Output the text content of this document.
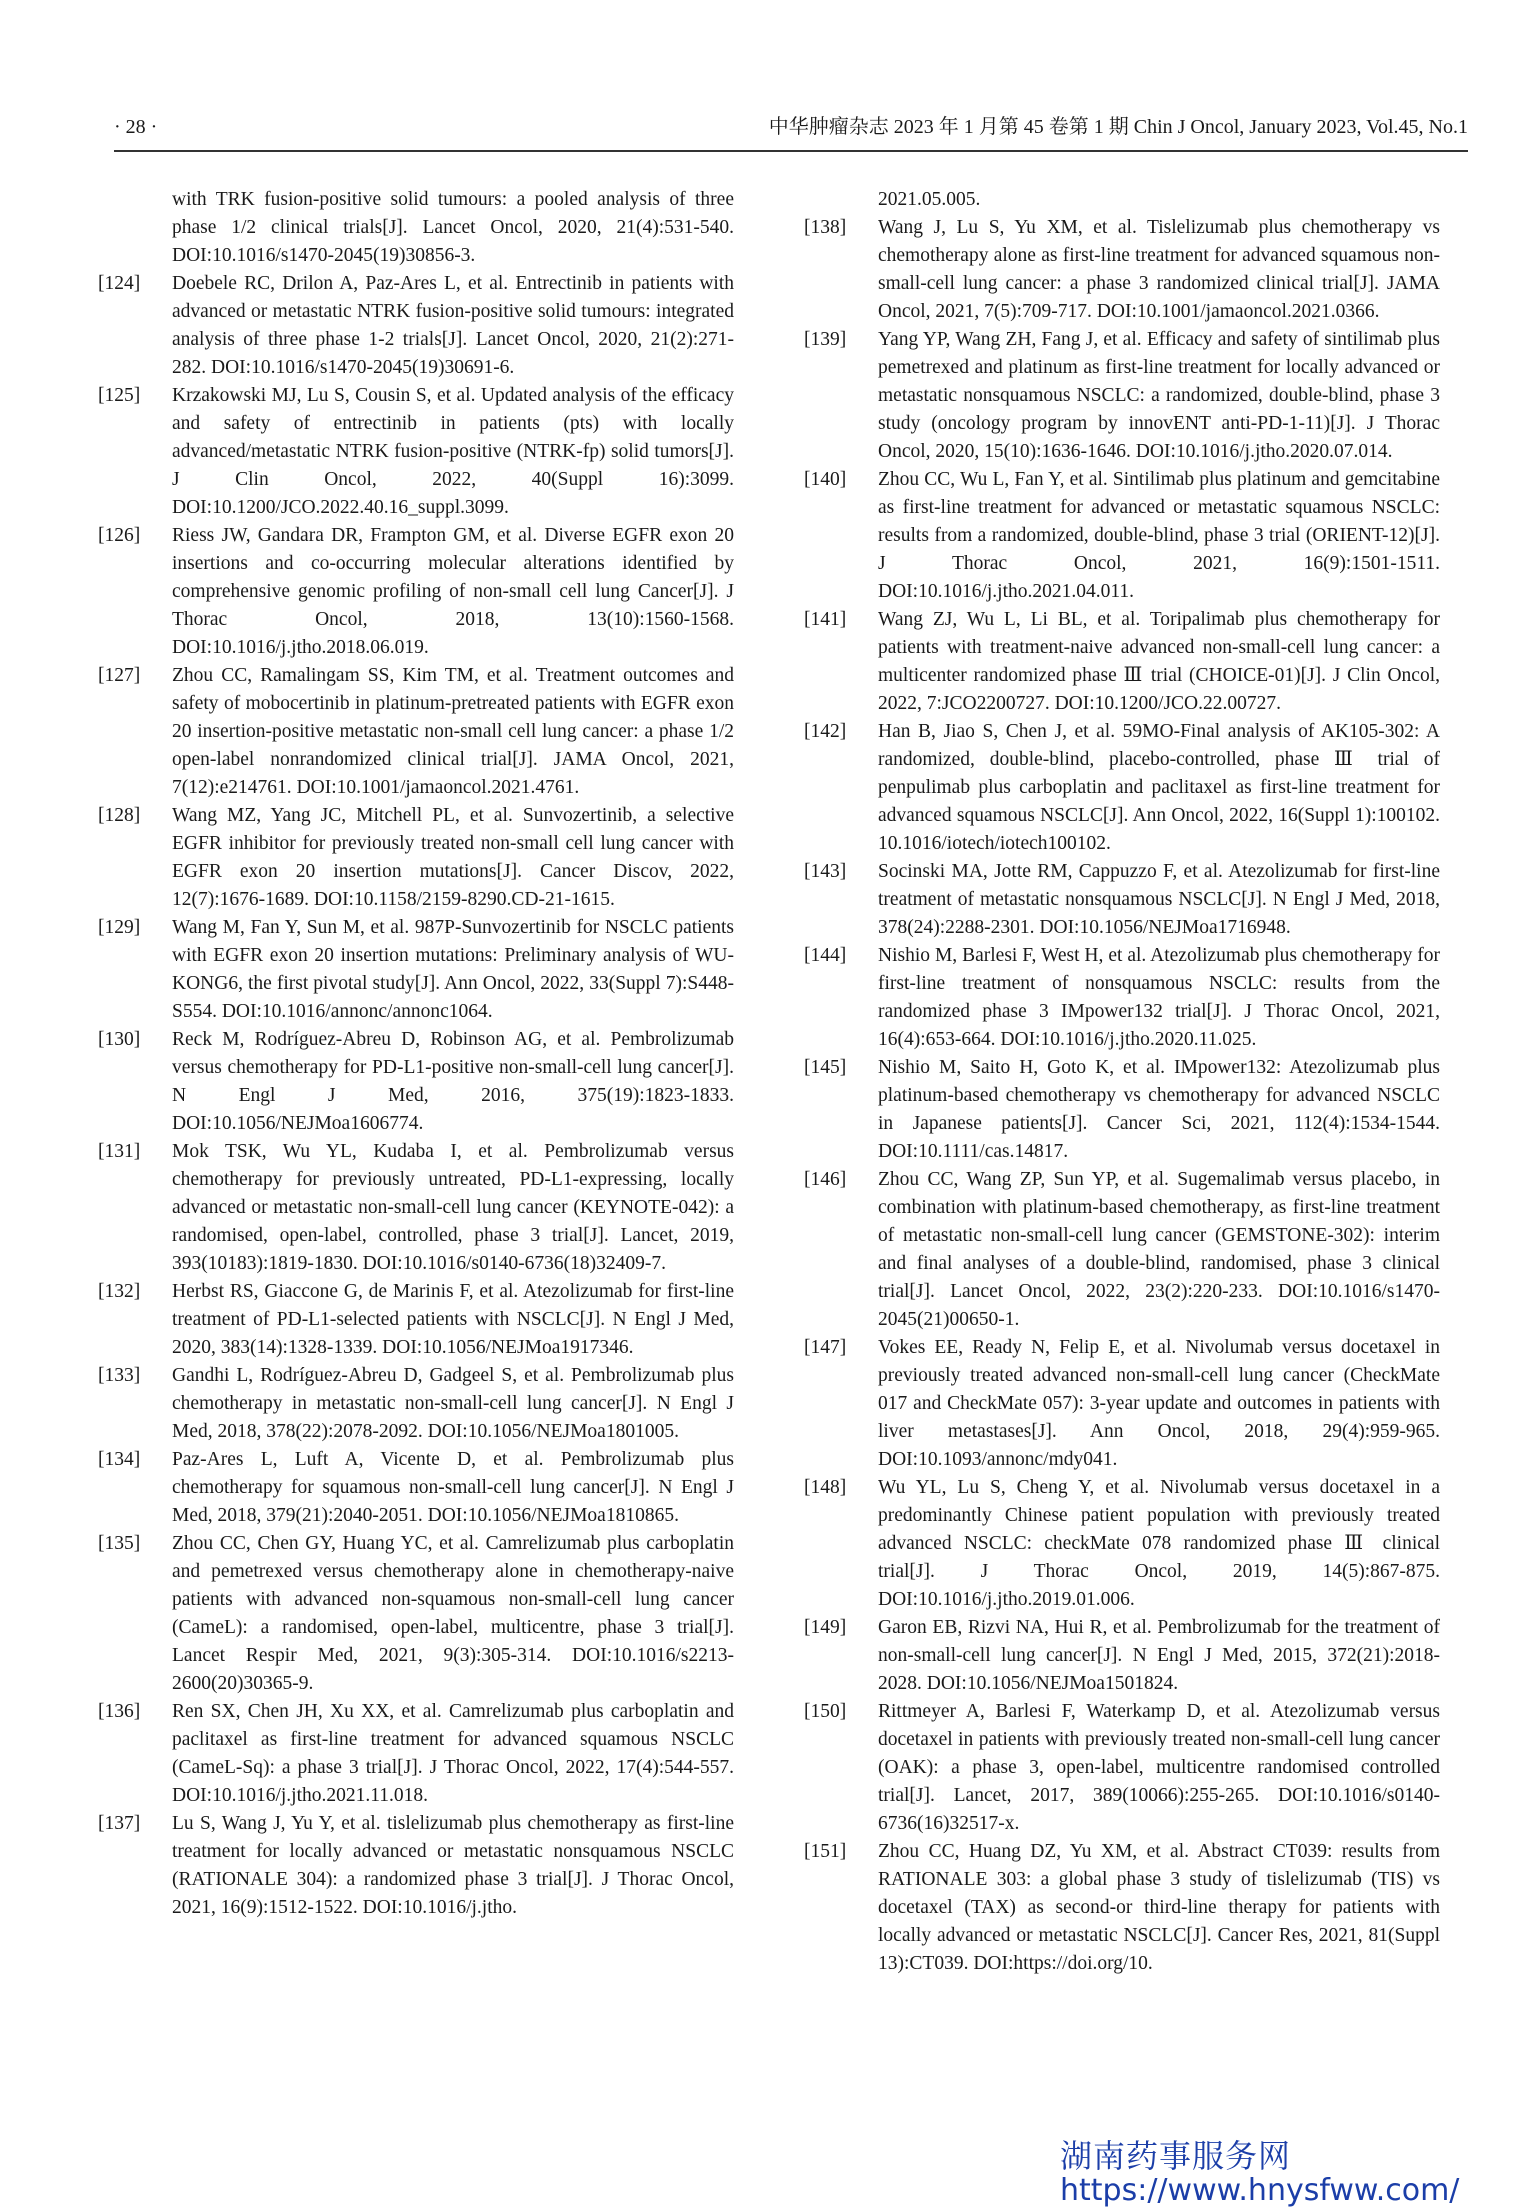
· 28 ·	中华肿瘤杂志 2023 年 1 月第 45 卷第 1 期 Chin J Oncol, January 2023, Vol.45, No.1
with TRK fusion-positive solid tumours: a pooled analysis of three phase 1/2 clinical trials[J]. Lancet Oncol, 2020, 21(4):531-540. DOI:10.1016/s1470-2045(19)30856-3.
[124]	Doebele RC, Drilon A, Paz-Ares L, et al. Entrectinib in patients with advanced or metastatic NTRK fusion-positive solid tumours: integrated analysis of three phase 1-2 trials[J]. Lancet Oncol, 2020, 21(2):271-282. DOI:10.1016/s1470-2045(19)30691-6.
[125]	Krzakowski MJ, Lu S, Cousin S, et al. Updated analysis of the efficacy and safety of entrectinib in patients (pts) with locally advanced/metastatic NTRK fusion-positive (NTRK-fp) solid tumors[J]. J Clin Oncol, 2022, 40(Suppl 16):3099. DOI:10.1200/JCO.2022.40.16_suppl.3099.
[126]	Riess JW, Gandara DR, Frampton GM, et al. Diverse EGFR exon 20 insertions and co-occurring molecular alterations identified by comprehensive genomic profiling of non-small cell lung Cancer[J]. J Thorac Oncol, 2018, 13(10):1560-1568. DOI:10.1016/j.jtho.2018.06.019.
[127]	Zhou CC, Ramalingam SS, Kim TM, et al. Treatment outcomes and safety of mobocertinib in platinum-pretreated patients with EGFR exon 20 insertion-positive metastatic non-small cell lung cancer: a phase 1/2 open-label nonrandomized clinical trial[J]. JAMA Oncol, 2021, 7(12):e214761. DOI:10.1001/jamaoncol.2021.4761.
[128]	Wang MZ, Yang JC, Mitchell PL, et al. Sunvozertinib, a selective EGFR inhibitor for previously treated non-small cell lung cancer with EGFR exon 20 insertion mutations[J]. Cancer Discov, 2022, 12(7):1676-1689. DOI:10.1158/2159-8290.CD-21-1615.
[129]	Wang M, Fan Y, Sun M, et al. 987P-Sunvozertinib for NSCLC patients with EGFR exon 20 insertion mutations: Preliminary analysis of WU-KONG6, the first pivotal study[J]. Ann Oncol, 2022, 33(Suppl 7):S448-S554. DOI:10.1016/annonc/annonc1064.
[130]	Reck M, Rodríguez-Abreu D, Robinson AG, et al. Pembrolizumab versus chemotherapy for PD-L1-positive non-small-cell lung cancer[J]. N Engl J Med, 2016, 375(19):1823-1833. DOI:10.1056/NEJMoa1606774.
[131]	Mok TSK, Wu YL, Kudaba I, et al. Pembrolizumab versus chemotherapy for previously untreated, PD-L1-expressing, locally advanced or metastatic non-small-cell lung cancer (KEYNOTE-042): a randomised, open-label, controlled, phase 3 trial[J]. Lancet, 2019, 393(10183):1819-1830. DOI:10.1016/s0140-6736(18)32409-7.
[132]	Herbst RS, Giaccone G, de Marinis F, et al. Atezolizumab for first-line treatment of PD-L1-selected patients with NSCLC[J]. N Engl J Med, 2020, 383(14):1328-1339. DOI:10.1056/NEJMoa1917346.
[133]	Gandhi L, Rodríguez-Abreu D, Gadgeel S, et al. Pembrolizumab plus chemotherapy in metastatic non-small-cell lung cancer[J]. N Engl J Med, 2018, 378(22):2078-2092. DOI:10.1056/NEJMoa1801005.
[134]	Paz-Ares L, Luft A, Vicente D, et al. Pembrolizumab plus chemotherapy for squamous non-small-cell lung cancer[J]. N Engl J Med, 2018, 379(21):2040-2051. DOI:10.1056/NEJMoa1810865.
[135]	Zhou CC, Chen GY, Huang YC, et al. Camrelizumab plus carboplatin and pemetrexed versus chemotherapy alone in chemotherapy-naive patients with advanced non-squamous non-small-cell lung cancer (CameL): a randomised, open-label, multicentre, phase 3 trial[J]. Lancet Respir Med, 2021, 9(3):305-314. DOI:10.1016/s2213-2600(20)30365-9.
[136]	Ren SX, Chen JH, Xu XX, et al. Camrelizumab plus carboplatin and paclitaxel as first-line treatment for advanced squamous NSCLC (CameL-Sq): a phase 3 trial[J]. J Thorac Oncol, 2022, 17(4):544-557. DOI:10.1016/j.jtho.2021.11.018.
[137]	Lu S, Wang J, Yu Y, et al. tislelizumab plus chemotherapy as first-line treatment for locally advanced or metastatic nonsquamous NSCLC (RATIONALE 304): a randomized phase 3 trial[J]. J Thorac Oncol, 2021, 16(9):1512-1522. DOI:10.1016/j.jtho.
2021.05.005.
[138]	Wang J, Lu S, Yu XM, et al. Tislelizumab plus chemotherapy vs chemotherapy alone as first-line treatment for advanced squamous non-small-cell lung cancer: a phase 3 randomized clinical trial[J]. JAMA Oncol, 2021, 7(5):709-717. DOI:10.1001/jamaoncol.2021.0366.
[139]	Yang YP, Wang ZH, Fang J, et al. Efficacy and safety of sintilimab plus pemetrexed and platinum as first-line treatment for locally advanced or metastatic nonsquamous NSCLC: a randomized, double-blind, phase 3 study (oncology program by innovENT anti-PD-1-11)[J]. J Thorac Oncol, 2020, 15(10):1636-1646. DOI:10.1016/j.jtho.2020.07.014.
[140]	Zhou CC, Wu L, Fan Y, et al. Sintilimab plus platinum and gemcitabine as first-line treatment for advanced or metastatic squamous NSCLC: results from a randomized, double-blind, phase 3 trial (ORIENT-12)[J]. J Thorac Oncol, 2021, 16(9):1501-1511. DOI:10.1016/j.jtho.2021.04.011.
[141]	Wang ZJ, Wu L, Li BL, et al. Toripalimab plus chemotherapy for patients with treatment-naive advanced non-small-cell lung cancer: a multicenter randomized phase Ⅲ trial (CHOICE-01)[J]. J Clin Oncol, 2022, 7:JCO2200727. DOI:10.1200/JCO.22.00727.
[142]	Han B, Jiao S, Chen J, et al. 59MO-Final analysis of AK105-302: A randomized, double-blind, placebo-controlled, phase Ⅲ trial of penpulimab plus carboplatin and paclitaxel as first-line treatment for advanced squamous NSCLC[J]. Ann Oncol, 2022, 16(Suppl 1):100102. 10.1016/iotech/iotech100102.
[143]	Socinski MA, Jotte RM, Cappuzzo F, et al. Atezolizumab for first-line treatment of metastatic nonsquamous NSCLC[J]. N Engl J Med, 2018, 378(24):2288-2301. DOI:10.1056/NEJMoa1716948.
[144]	Nishio M, Barlesi F, West H, et al. Atezolizumab plus chemotherapy for first-line treatment of nonsquamous NSCLC: results from the randomized phase 3 IMpower132 trial[J]. J Thorac Oncol, 2021, 16(4):653-664. DOI:10.1016/j.jtho.2020.11.025.
[145]	Nishio M, Saito H, Goto K, et al. IMpower132: Atezolizumab plus platinum-based chemotherapy vs chemotherapy for advanced NSCLC in Japanese patients[J]. Cancer Sci, 2021, 112(4):1534-1544. DOI:10.1111/cas.14817.
[146]	Zhou CC, Wang ZP, Sun YP, et al. Sugemalimab versus placebo, in combination with platinum-based chemotherapy, as first-line treatment of metastatic non-small-cell lung cancer (GEMSTONE-302): interim and final analyses of a double-blind, randomised, phase 3 clinical trial[J]. Lancet Oncol, 2022, 23(2):220-233. DOI:10.1016/s1470-2045(21)00650-1.
[147]	Vokes EE, Ready N, Felip E, et al. Nivolumab versus docetaxel in previously treated advanced non-small-cell lung cancer (CheckMate 017 and CheckMate 057): 3-year update and outcomes in patients with liver metastases[J]. Ann Oncol, 2018, 29(4):959-965. DOI:10.1093/annonc/mdy041.
[148]	Wu YL, Lu S, Cheng Y, et al. Nivolumab versus docetaxel in a predominantly Chinese patient population with previously treated advanced NSCLC: checkMate 078 randomized phase Ⅲ clinical trial[J]. J Thorac Oncol, 2019, 14(5):867-875. DOI:10.1016/j.jtho.2019.01.006.
[149]	Garon EB, Rizvi NA, Hui R, et al. Pembrolizumab for the treatment of non-small-cell lung cancer[J]. N Engl J Med, 2015, 372(21):2018-2028. DOI:10.1056/NEJMoa1501824.
[150]	Rittmeyer A, Barlesi F, Waterkamp D, et al. Atezolizumab versus docetaxel in patients with previously treated non-small-cell lung cancer (OAK): a phase 3, open-label, multicentre randomised controlled trial[J]. Lancet, 2017, 389(10066):255-265. DOI:10.1016/s0140-6736(16)32517-x.
[151]	Zhou CC, Huang DZ, Yu XM, et al. Abstract CT039: results from RATIONALE 303: a global phase 3 study of tislelizumab (TIS) vs docetaxel (TAX) as second-or third-line therapy for patients with locally advanced or metastatic NSCLC[J]. Cancer Res, 2021, 81(Suppl 13):CT039. DOI:https://doi.org/10.
湖南药事服务网
https://www.hnysfww.com/
